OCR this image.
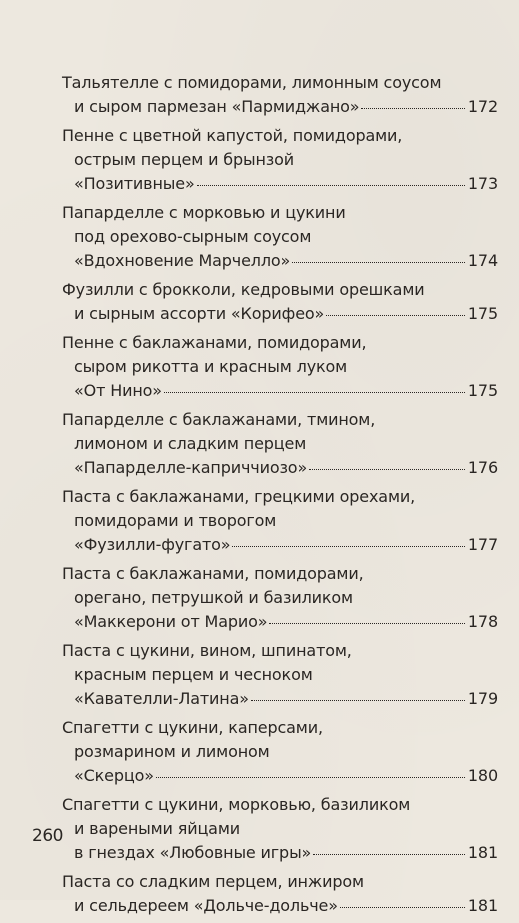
Тальятелле с помидорами, лимонным соусом
и сыром пармезан «Пармиджано»	172
Пенне с цветной капустой, помидорами,
острым перцем и брынзой
«Позитивные»	173
Папарделле с морковью и цукини
под орехово-сырным соусом
«Вдохновение Марчелло»	174
Фузилли с брокколи, кедровыми орешками
и сырным ассорти «Корифео»	175
Пенне с баклажанами, помидорами,
сыром рикотта и красным луком
«От Нино»	175
Папарделле с баклажанами, тмином,
лимоном и сладким перцем
«Папарделле-каприччиозо»	176
Паста с баклажанами, грецкими орехами,
помидорами и творогом
«Фузилли-фугато»	177
Паста с баклажанами, помидорами,
орегано, петрушкой и базиликом
«Маккерони от Марио»	178
Паста с цукини, вином, шпинатом,
красным перцем и чесноком
«Кавателли-Латина»	179
Спагетти с цукини, каперсами,
розмарином и лимоном
«Скерцо»	180
Спагетти с цукини, морковью, базиликом
и вареными яйцами
в гнездах «Любовные игры»	181
Паста со сладким перцем, инжиром
и сельдереем «Дольче-дольче»	181
260
